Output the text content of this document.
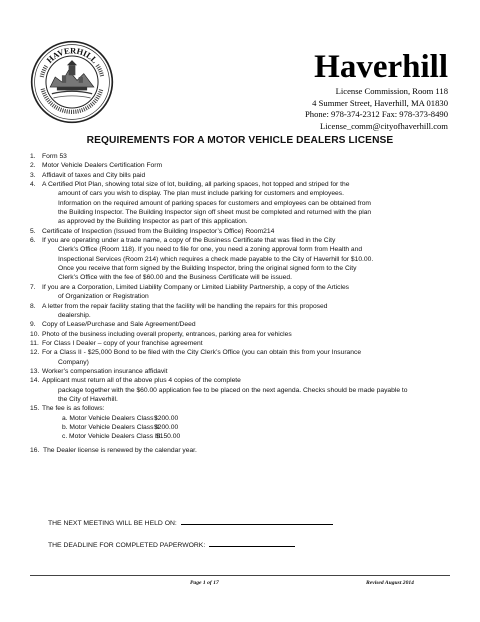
HAVERHILL	Haverhill
License Commission, Room 118
4 Summer Street, Haverhill, MA 01830
Phone: 978-374-2312 Fax: 978-373-8490
License_comm@cityofhaverhill.com
REQUIREMENTS FOR A MOTOR VEHICLE DEALERS LICENSE
1. Form 53
2. Motor Vehicle Dealers Certification Form
3. Affidavit of taxes and City bills paid
4. A Certified Plot Plan, showing total size of lot, building, all parking spaces, hot topped and striped for the
amount of cars you wish to display. The plan must include parking for customers and employees.
Information on the required amount of parking spaces for customers and employees can be obtained from
the Building Inspector. The Building Inspector sign off sheet must be completed and returned with the plan
as approved by the Building Inspector as part of this application.
5. Certificate of Inspection (Issued from the Building Inspector’s Office) Room214
6. If you are operating under a trade name, a copy of the Business Certificate that was filed in the City
Clerk’s Office (Room 118). If you need to file for one, you need a zoning approval form from Health and
Inspectional Services (Room 214) which requires a check made payable to the City of Haverhill for $10.00.
Once you receive that form signed by the Building Inspector, bring the original signed form to the City
Clerk’s Office with the fee of $60.00 and the Business Certificate will be issued.
7. If you are a Corporation, Limited Liability Company or Limited Liability Partnership, a copy of the Articles
of Organization or Registration
8. A letter from the repair facility stating that the facility will be handling the repairs for this proposed
dealership.
9. Copy of Lease/Purchase and Sale Agreement/Deed
10. Photo of the business including overall property, entrances, parking area for vehicles
11. For Class I Dealer – copy of your franchise agreement
12. For a Class II - $25,000 Bond to be filed with the City Clerk’s Office (you can obtain this from your Insurance
Company)
13. Worker’s compensation insurance affidavit
14. Applicant must return all of the above plus 4 copies of the complete
package together with the $60.00 application fee to be placed on the next agenda. Checks should be made payable to
the City of Haverhill.
15. The fee is as follows:
a. Motor Vehicle Dealers Class I
$200.00
b. Motor Vehicle Dealers Class II
$200.00
c. Motor Vehicle Dealers Class III
$150.00
16. The Dealer license is renewed by the calendar year.
THE NEXT MEETING WILL BE HELD ON:
THE DEADLINE FOR COMPLETED PAPERWORK:
Page 1 of 17	Revised August 2014
